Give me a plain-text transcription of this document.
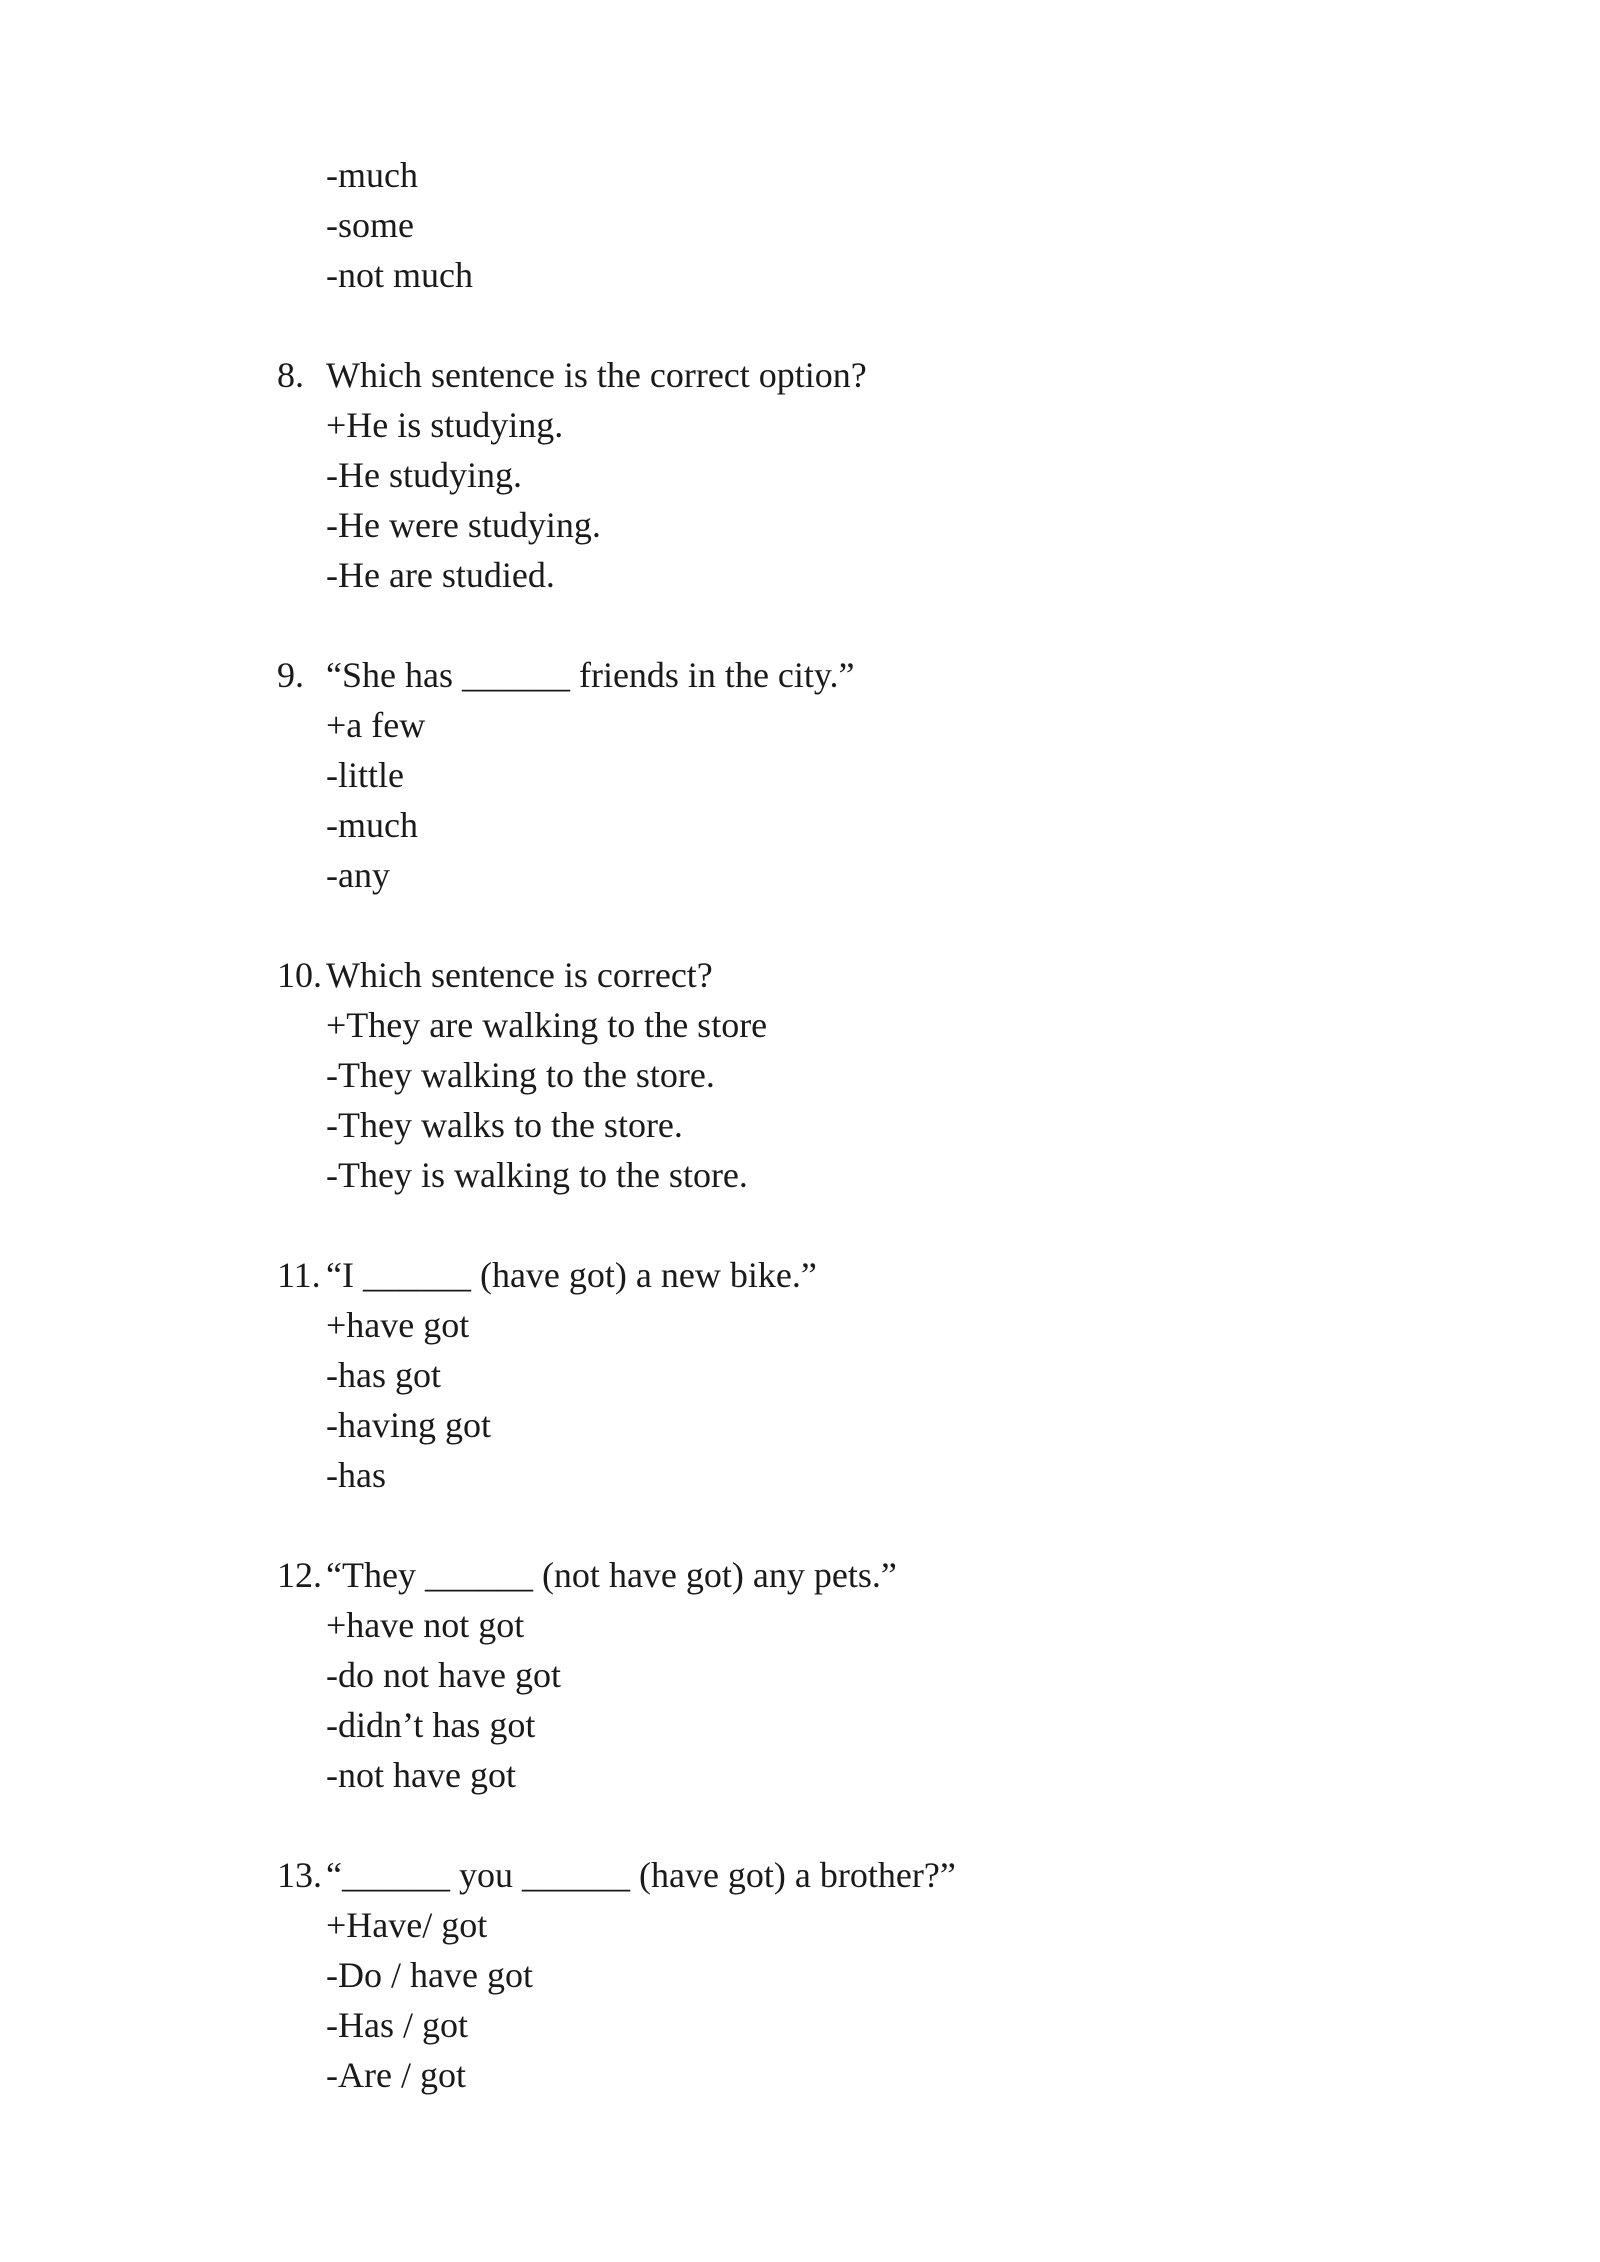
-much
-some
-not much
8. Which sentence is the correct option?
+He is studying.
-He studying.
-He were studying.
-He are studied.
9. “She has ______ friends in the city.”
+a few
-little
-much
-any
10. Which sentence is correct?
+They are walking to the store
-They walking to the store.
-They walks to the store.
-They is walking to the store.
11. “I ______ (have got) a new bike.”
+have got
-has got
-having got
-has
12. “They ______ (not have got) any pets.”
+have not got
-do not have got
-didn’t has got
-not have got
13. “______ you ______ (have got) a brother?”
+Have/ got
-Do / have got
-Has / got
-Are / got
